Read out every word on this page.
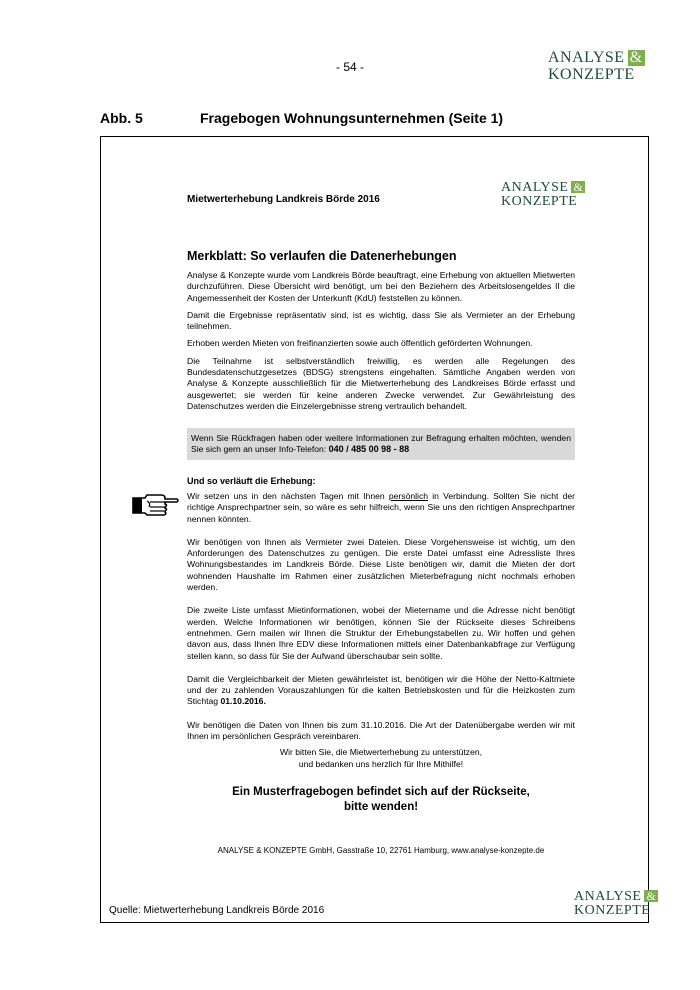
- 54 -
ANALYSE &
KONZEPTE
Abb. 5	Fragebogen Wohnungsunternehmen (Seite 1)
Mietwerterhebung Landkreis Börde 2016
ANALYSE &
KONZEPTE
Merkblatt: So verlaufen die Datenerhebungen

Analyse & Konzepte wurde vom Landkreis Börde beauftragt, eine Erhebung von aktuellen Mietwerten durchzuführen. Diese Übersicht wird benötigt, um bei den Beziehern des Arbeitslosengeldes II die Angemessenheit der Kosten der Unterkunft (KdU) feststellen zu können.

Damit die Ergebnisse repräsentativ sind, ist es wichtig, dass Sie als Vermieter an der Erhebung teilnehmen.

Erhoben werden Mieten von freifinanzierten sowie auch öffentlich geförderten Wohnungen.

Die Teilnahme ist selbstverständlich freiwillig, es werden alle Regelungen des Bundesdatenschutzgesetzes (BDSG) strengstens eingehalten. Sämtliche Angaben werden von Analyse & Konzepte ausschließlich für die Mietwerterhebung des Landkreises Börde erfasst und ausgewertet; sie werden für keine anderen Zwecke verwendet. Zur Gewährleistung des Datenschutzes werden die Einzelergebnisse streng vertraulich behandelt.

Wenn Sie Rückfragen haben oder weitere Informationen zur Befragung erhalten möchten, wenden Sie sich gern an unser Info-Telefon: 040 / 485 00 98 - 88
Und so verläuft die Erhebung:

Wir setzen uns in den nächsten Tagen mit Ihnen persönlich in Verbindung. Sollten Sie nicht der richtige Ansprechpartner sein, so wäre es sehr hilfreich, wenn Sie uns den richtigen Ansprechpartner nennen könnten.

Wir benötigen von Ihnen als Vermieter zwei Dateien. Diese Vorgehensweise ist wichtig, um den Anforderungen des Datenschutzes zu genügen. Die erste Datei umfasst eine Adressliste Ihres Wohnungsbestandes im Landkreis Börde. Diese Liste benötigen wir, damit die Mieten der dort wohnenden Haushalte im Rahmen einer zusätzlichen Mieterbefragung nicht nochmals erhoben werden.

Die zweite Liste umfasst Mietinformationen, wobei der Mietername und die Adresse nicht benötigt werden. Welche Informationen wir benötigen, können Sie der Rückseite dieses Schreibens entnehmen. Gern mailen wir Ihnen die Struktur der Erhebungstabellen zu. Wir hoffen und gehen davon aus, dass Ihnen Ihre EDV diese Informationen mittels einer Datenbankabfrage zur Verfügung stellen kann, so dass für Sie der Aufwand überschaubar sein sollte.

Damit die Vergleichbarkeit der Mieten gewährleistet ist, benötigen wir die Höhe der Netto-Kaltmiete und der zu zahlenden Vorauszahlungen für die kalten Betriebskosten und für die Heizkosten zum Stichtag 01.10.2016.

Wir benötigen die Daten von Ihnen bis zum 31.10.2016. Die Art der Datenübergabe werden wir mit Ihnen im persönlichen Gespräch vereinbaren.

Wir bitten Sie, die Mietwerterhebung zu unterstützen,
und bedanken uns herzlich für Ihre Mithilfe!
Ein Musterfragebogen befindet sich auf der Rückseite,
bitte wenden!
ANALYSE & KONZEPTE GmbH, Gasstraße 10, 22761 Hamburg, www.analyse-konzepte.de
ANALYSE &
KONZEPTE
Quelle: Mietwerterhebung Landkreis Börde 2016
